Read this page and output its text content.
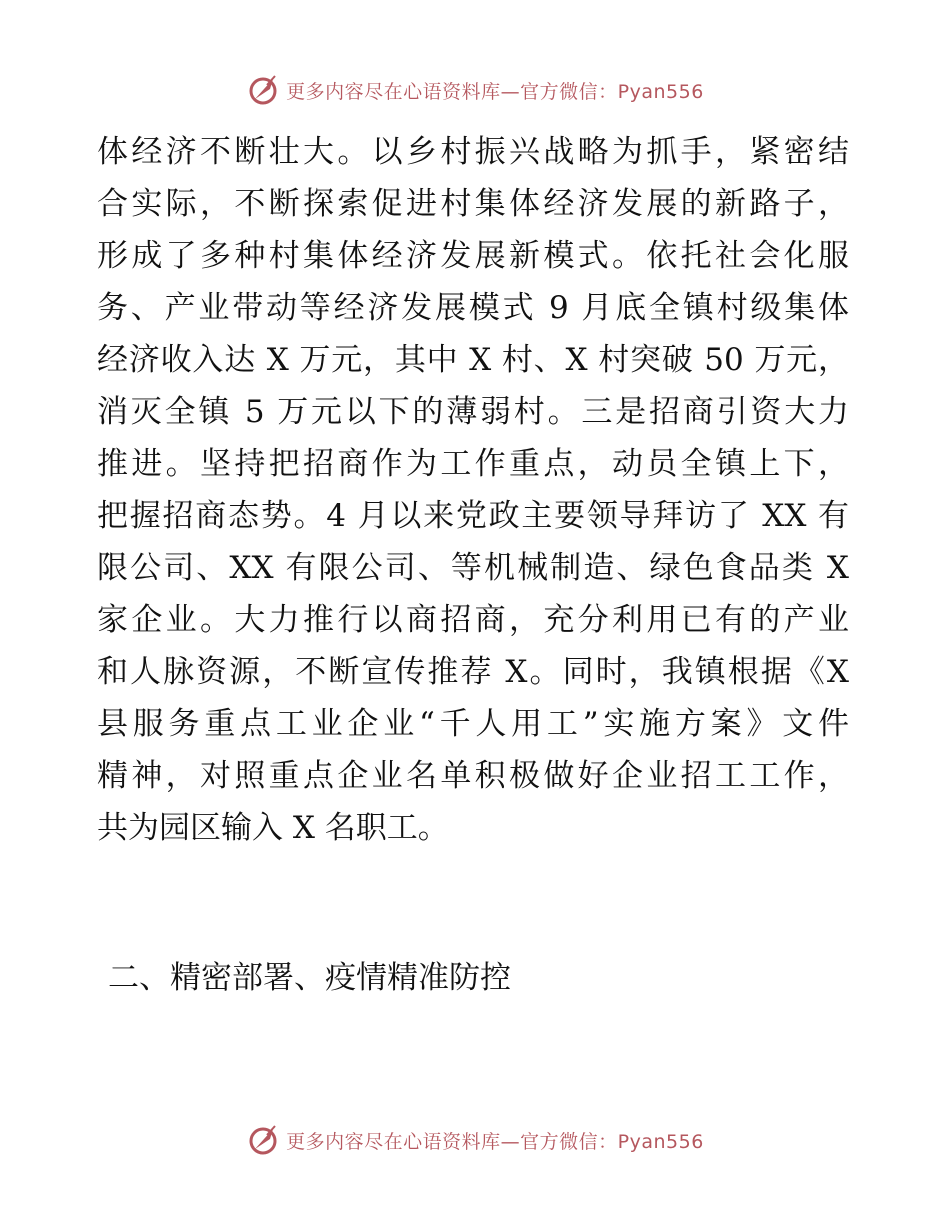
更多内容尽在心语资料库—官方微信：Pyan556
体经济不断壮大。以乡村振兴战略为抓手，紧密结
合实际，不断探索促进村集体经济发展的新路子，
形成了多种村集体经济发展新模式。依托社会化服
务、产业带动等经济发展模式 9 月底全镇村级集体
经济收入达 X 万元，其中 X 村、X 村突破 50 万元，
消灭全镇 5 万元以下的薄弱村。三是招商引资大力
推进。坚持把招商作为工作重点，动员全镇上下，
把握招商态势。4 月以来党政主要领导拜访了 XX 有
限公司、XX 有限公司、等机械制造、绿色食品类 X
家企业。大力推行以商招商，充分利用已有的产业
和人脉资源，不断宣传推荐 X。同时，我镇根据《X
县服务重点工业企业“千人用工”实施方案》文件
精神，对照重点企业名单积极做好企业招工工作，
共为园区输入 X 名职工。
二、精密部署、疫情精准防控
更多内容尽在心语资料库—官方微信：Pyan556
